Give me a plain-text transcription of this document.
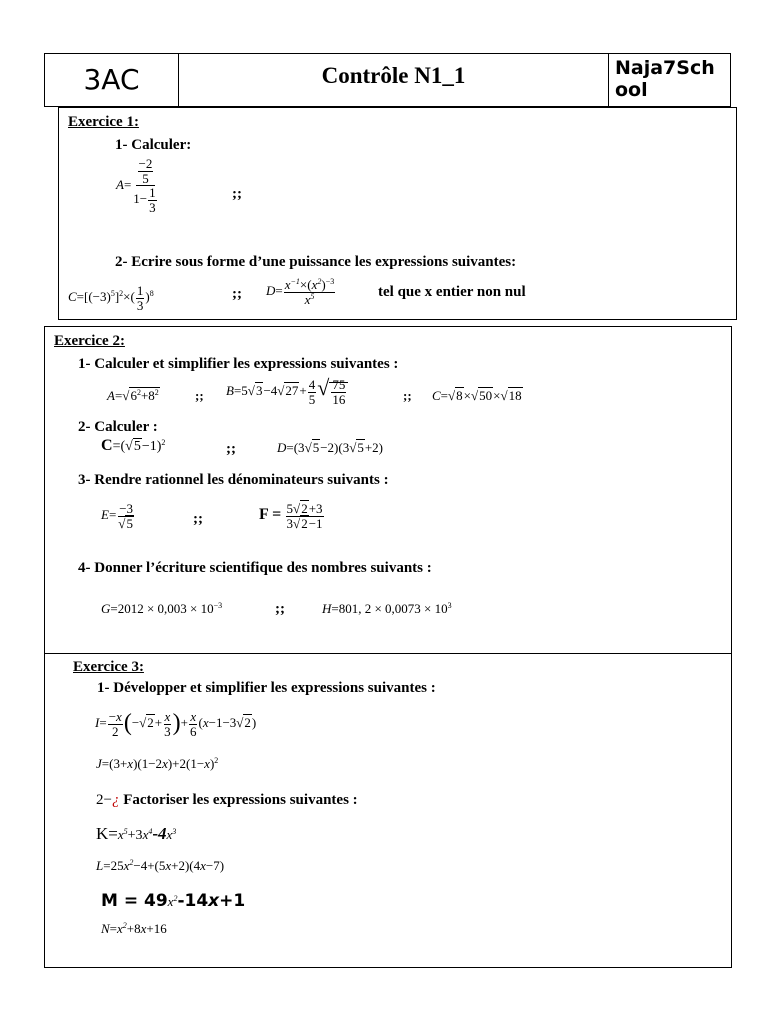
3AC	Contrôle N1_1	Naja7School
Exercice 1:
1- Calculer:
$A= \frac{\frac{-2}{5}}{1- \frac{1}{3}}$	;;
2- Ecrire sous forme d’une puissance les expressions suivantes:
$C=[(-3)^5]^2\times( \frac{1}{3} )^8$	;; $D= \frac{x^{-1}\times(x^2)^{-3}}{x^5}$	tel que x entier non nul
Exercice 2:
1- Calculer et simplifier les expressions suivantes :
A=√ $6^2+8^2$	;; B=5√ 3−4√ $27+ \frac{4}{5}$
√ $\frac{75}{16}$	;; C=√ 8×√ 50×√ 18
2- Calculer :
C=(√ 5−1)$^2$	;;	D=(3√ 5−2)(3√ 5+2)
3- Rendre rationnel les dénominateurs suivants :
E= −3
√ 5	;;	$F = \frac{5√ 2+3}{3√ 2-1}$
4- Donner l’écriture scientifique des nombres suivants :
$G=2012 \times 0,003 \times 10^{-3}$	;;	H=801, $2 \times 0,0073 \times 10^3$
Exercice 3:
1- Développer et simplifier les expressions suivantes :
$I= \frac{-x}{2}$ (−√ $2+ \frac{x}{3}$ )+ $\frac{x}{6} (x-1-3√$ 2)
$J=(3+x)(1-2x)+2(1-x)^2$
2−¿ Factoriser les expressions suivantes :
$K=x^5+3x^4-4x^3$
$L=25x^2-4+(5x+2)(4x-7)$
$M = 49x^2-14x+1$
$N=x^2+8x+16$
